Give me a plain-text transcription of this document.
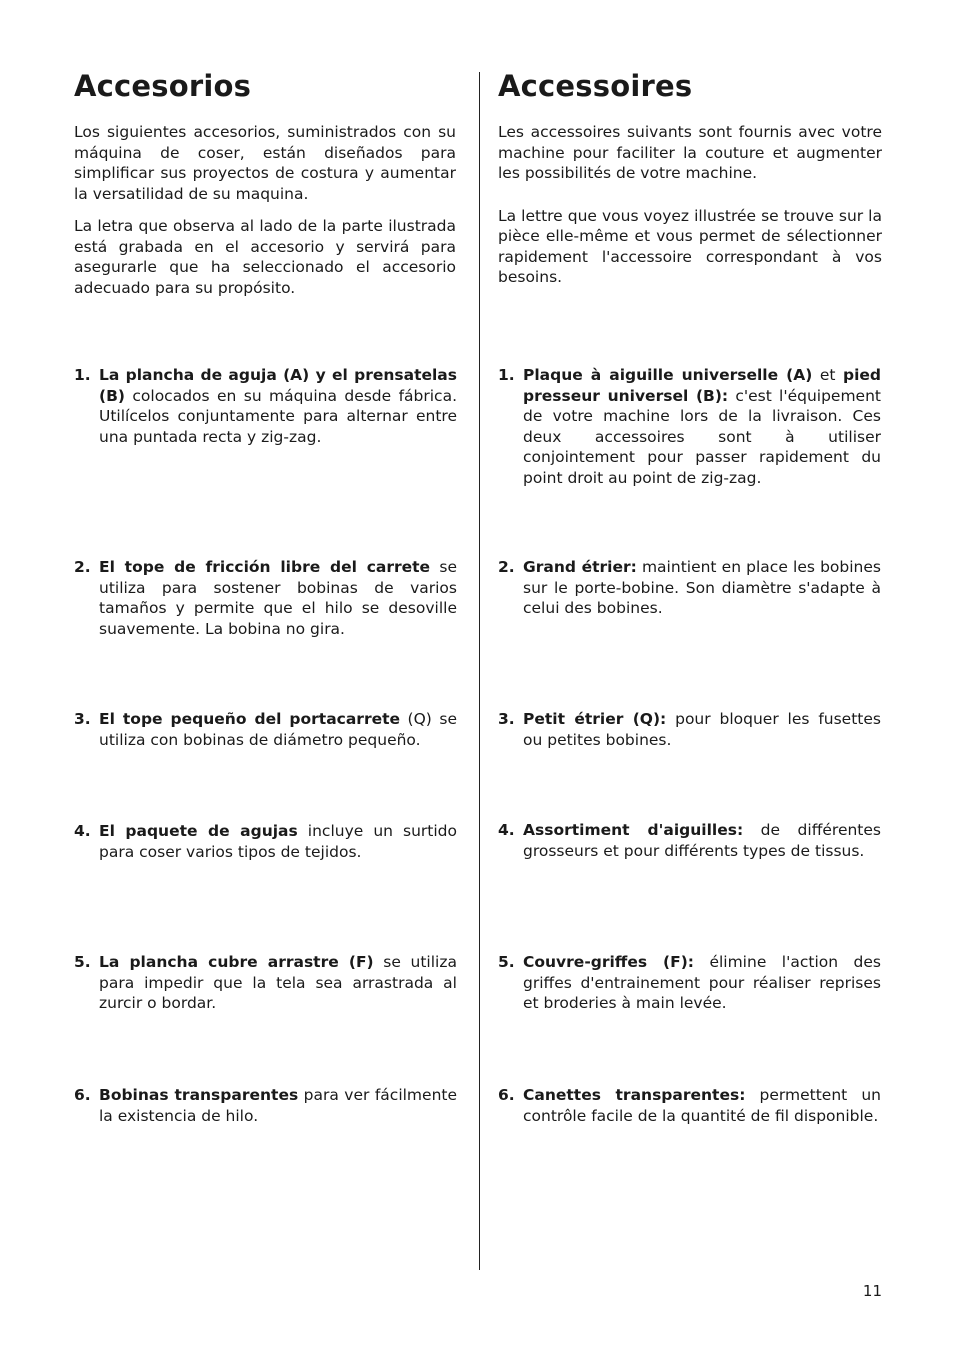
Accesorios

Los siguientes accesorios, suministrados con su máquina de coser, están diseñados para simplificar sus proyectos de costura y aumentar la versatilidad de su maquina.

La letra que observa al lado de la parte ilustrada está grabada en el accesorio y servirá para asegurarle que ha seleccionado el accesorio adecuado para su propósito.

1. La plancha de aguja (A) y el prensatelas (B) colocados en su máquina desde fábrica. Utilícelos conjuntamente para alternar entre una puntada recta y zig-zag.
2. El tope de fricción libre del carrete se utiliza para sostener bobinas de varios tamaños y permite que el hilo se desoville suavemente. La bobina no gira.
3. El tope pequeño del portacarrete (Q) se utiliza con bobinas de diámetro pequeño.
4. El paquete de agujas incluye un surtido para coser varios tipos de tejidos.
5. La plancha cubre arrastre (F) se utiliza para impedir que la tela sea arrastrada al zurcir o bordar.
6. Bobinas transparentes para ver fácilmente la existencia de hilo.
Accessoires

Les accessoires suivants sont fournis avec votre machine pour faciliter la couture et augmenter les possibilités de votre machine.

La lettre que vous voyez illustrée se trouve sur la pièce elle-même et vous permet de sélectionner rapidement l'accessoire correspondant à vos besoins.

1. Plaque à aiguille universelle (A) et pied presseur universel (B): c'est l'équipement de votre machine lors de la livraison. Ces deux accessoires sont à utiliser conjointement pour passer rapidement du point droit au point de zig-zag.
2. Grand étrier: maintient en place les bobines sur le porte-bobine. Son diamètre s'adapte à celui des bobines.
3. Petit étrier (Q): pour bloquer les fusettes ou petites bobines.
4. Assortiment d'aiguilles: de différentes grosseurs et pour différents types de tissus.
5. Couvre-griffes (F): élimine l'action des griffes d'entrainement pour réaliser reprises et broderies à main levée.
6. Canettes transparentes: permettent un contrôle facile de la quantité de fil disponible.
11
